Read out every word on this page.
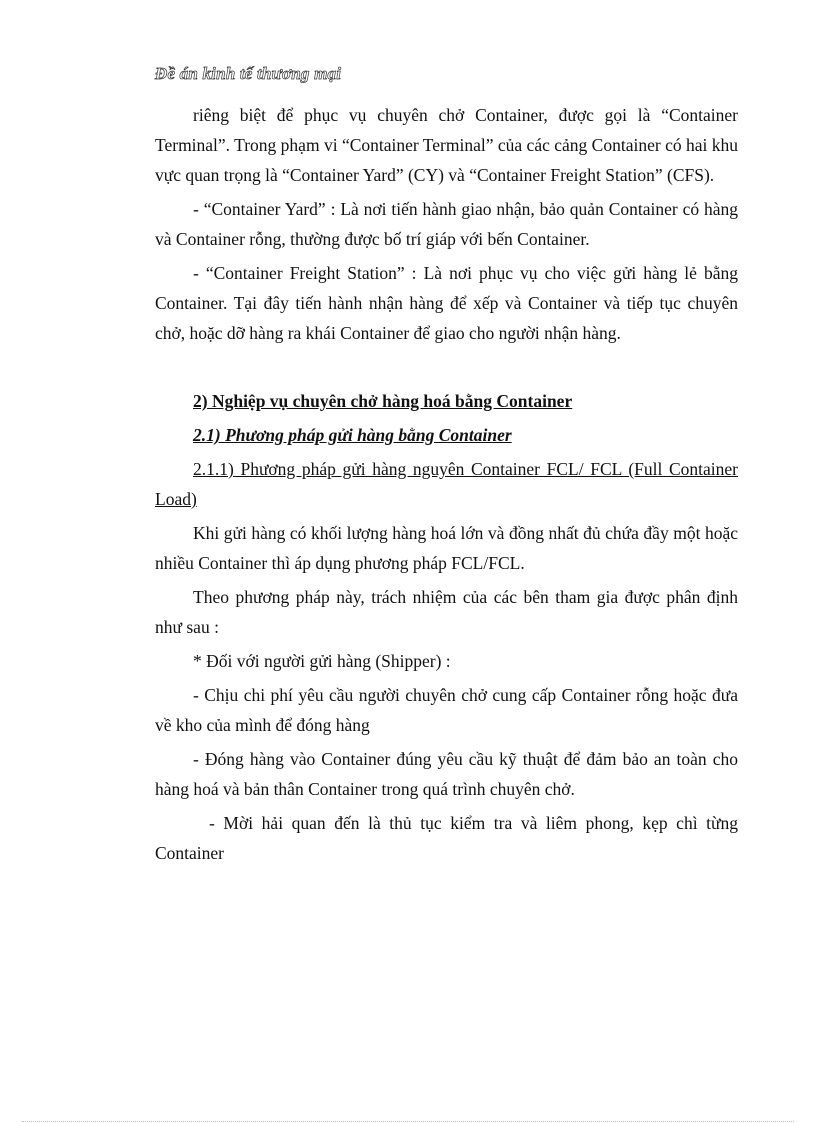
Đề án kinh tế thương mại

riêng biệt để phục vụ chuyên chở Container, được gọi là “Container Terminal”. Trong phạm vi “Container Terminal” của các cảng Container có hai khu vực quan trọng là “Container Yard” (CY) và “Container Freight Station” (CFS).

- “Container Yard” : Là nơi tiến hành giao nhận, bảo quản Container có hàng và Container rỗng, thường được bố trí giáp với bến Container.

- “Container Freight Station” : Là nơi phục vụ cho việc gửi hàng lẻ bằng Container. Tại đây tiến hành nhận hàng để xếp và Container và tiếp tục chuyên chở, hoặc dỡ hàng ra khái Container để giao cho người nhận hàng.

2) Nghiệp vụ chuyên chở hàng hoá bằng Container

2.1) Phương pháp gửi hàng bằng Container

2.1.1) Phương pháp gửi hàng nguyên Container FCL/ FCL (Full Container Load)

Khi gửi hàng có khối lượng hàng hoá lớn và đồng nhất đủ chứa đầy một hoặc nhiều Container thì áp dụng phương pháp FCL/FCL.

Theo phương pháp này, trách nhiệm của các bên tham gia được phân định như sau :

* Đối với người gửi hàng (Shipper) :

- Chịu chi phí yêu cầu người chuyên chở cung cấp Container rỗng hoặc đưa về kho của mình để đóng hàng

- Đóng hàng vào Container đúng yêu cầu kỹ thuật để đảm bảo an toàn cho hàng hoá và bản thân Container trong quá trình chuyên chở.

- Mời hải quan đến là thủ tục kiểm tra và liêm phong, kẹp chì từng Container
